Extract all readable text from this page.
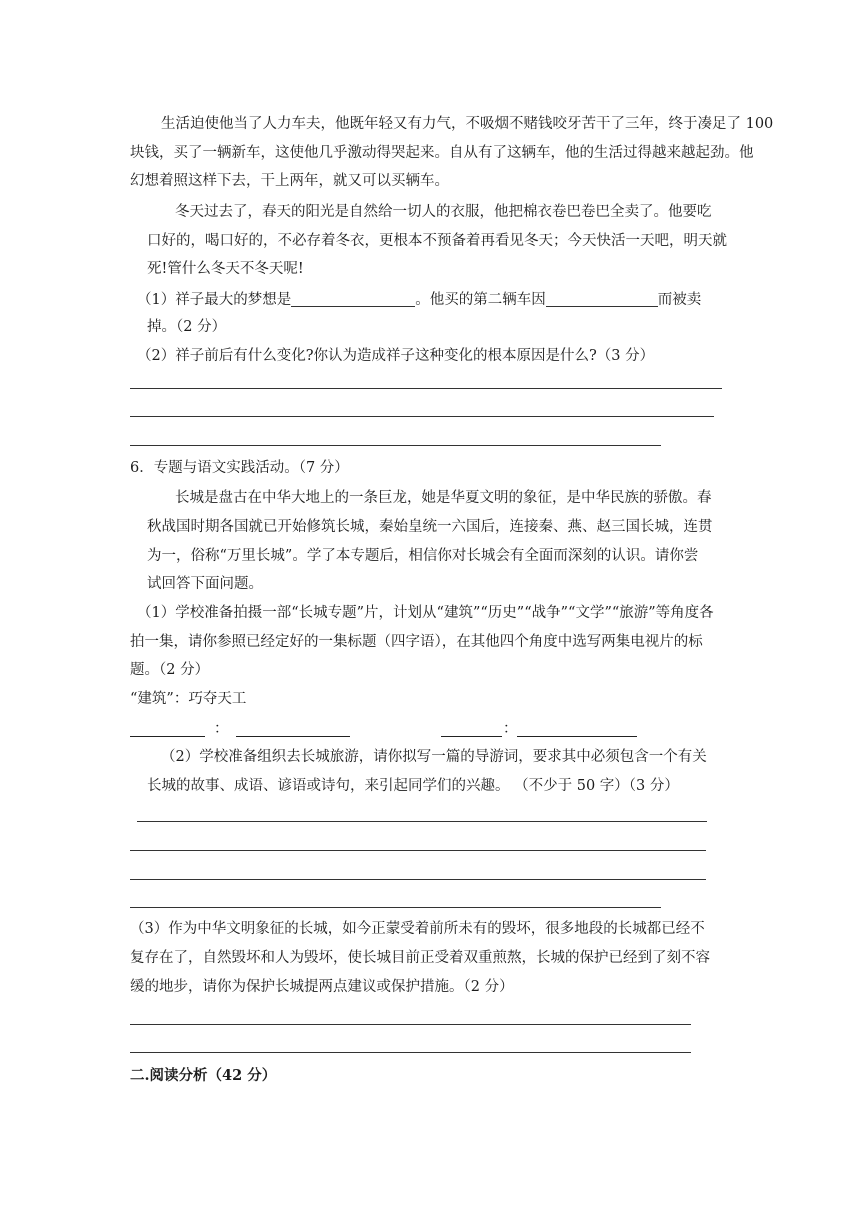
生活迫使他当了人力车夫，他既年轻又有力气，不吸烟不赌钱咬牙苦干了三年，终于凑足了 100
块钱，买了一辆新车，这使他几乎激动得哭起来。自从有了这辆车，他的生活过得越来越起劲。他
幻想着照这样下去，干上两年，就又可以买辆车。
冬天过去了，春天的阳光是自然给一切人的衣服，他把棉衣卷巴卷巴全卖了。他要吃
口好的，喝口好的，不必存着冬衣，更根本不预备着再看见冬天；今天快活一天吧，明天就
死!管什么冬天不冬天呢!
（1）祥子最大的梦想是	。他买的第二辆车因	而被卖
掉。（2 分）
（2）祥子前后有什么变化?你认为造成祥子这种变化的根本原因是什么?（3 分）
6．专题与语文实践活动。（7 分）
长城是盘古在中华大地上的一条巨龙，她是华夏文明的象征，是中华民族的骄傲。春
秋战国时期各国就已开始修筑长城，秦始皇统一六国后，连接秦、燕、赵三国长城，连贯
为一，俗称“万里长城”。学了本专题后，相信你对长城会有全面而深刻的认识。请你尝
试回答下面问题。
（1）学校准备拍摄一部“长城专题”片，计划从“建筑”“历史”“战争”“文学”“旅游”等角度各
拍一集，请你参照已经定好的一集标题（四字语），在其他四个角度中选写两集电视片的标
题。（2 分）
“建筑”：巧夺天工
：	：
（2）学校准备组织去长城旅游，请你拟写一篇的导游词，要求其中必须包含一个有关
长城的故事、成语、谚语或诗句，来引起同学们的兴趣。 （不少于 50 字）（3 分）
（3）作为中华文明象征的长城，如今正蒙受着前所未有的毁坏，很多地段的长城都已经不
复存在了，自然毁坏和人为毁坏，使长城目前正受着双重煎熬，长城的保护已经到了刻不容
缓的地步，请你为保护长城提两点建议或保护措施。（2 分）
二.阅读分析（42 分）
